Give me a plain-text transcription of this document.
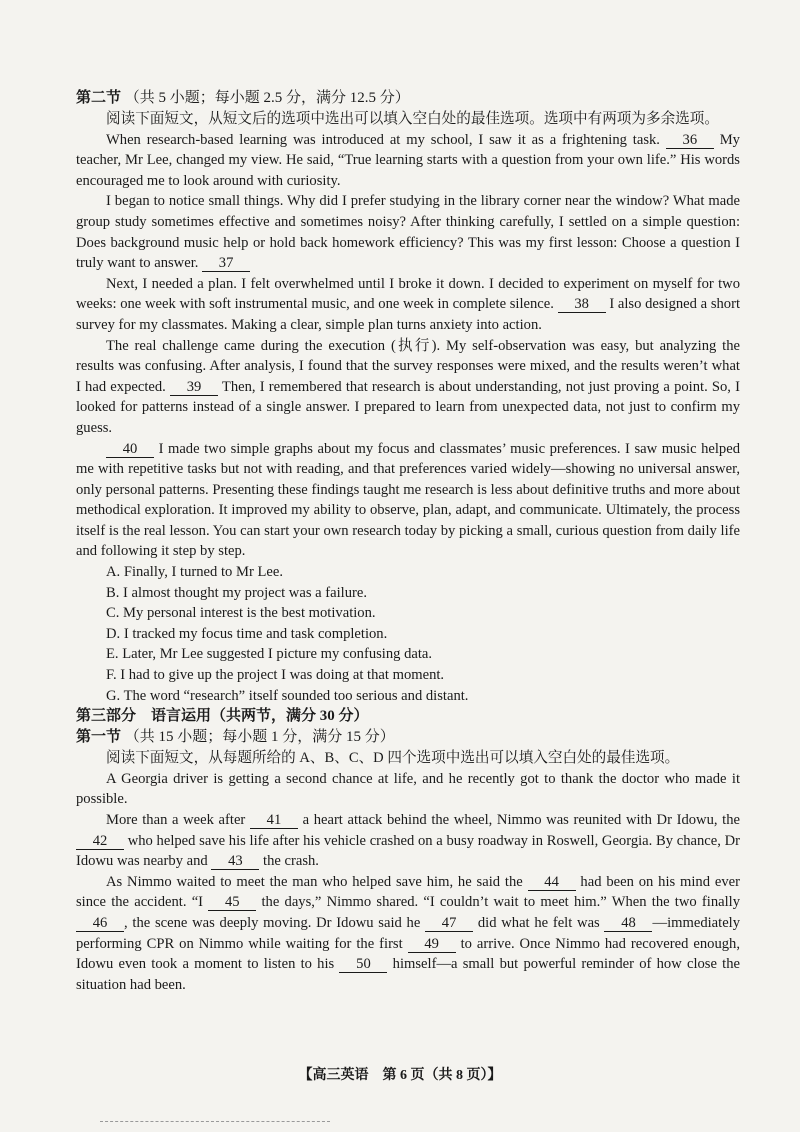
第二节 （共 5 小题；每小题 2.5 分，满分 12.5 分）

阅读下面短文，从短文后的选项中选出可以填入空白处的最佳选项。选项中有两项为多余选项。

When research-based learning was introduced at my school, I saw it as a frightening task. 36 My teacher, Mr Lee, changed my view. He said, “True learning starts with a question from your own life.” His words encouraged me to look around with curiosity.

I began to notice small things. Why did I prefer studying in the library corner near the window? What made group study sometimes effective and sometimes noisy? After thinking carefully, I settled on a simple question: Does background music help or hold back homework efficiency? This was my first lesson: Choose a question I truly want to answer. 37

Next, I needed a plan. I felt overwhelmed until I broke it down. I decided to experiment on myself for two weeks: one week with soft instrumental music, and one week in complete silence. 38 I also designed a short survey for my classmates. Making a clear, simple plan turns anxiety into action.

The real challenge came during the execution (执行). My self-observation was easy, but analyzing the results was confusing. After analysis, I found that the survey responses were mixed, and the results weren’t what I had expected. 39 Then, I remembered that research is about understanding, not just proving a point. So, I looked for patterns instead of a single answer. I prepared to learn from unexpected data, not just to confirm my guess.

40 I made two simple graphs about my focus and classmates’ music preferences. I saw music helped me with repetitive tasks but not with reading, and that preferences varied widely—showing no universal answer, only personal patterns. Presenting these findings taught me research is less about definitive truths and more about methodical exploration. It improved my ability to observe, plan, adapt, and communicate. Ultimately, the process itself is the real lesson. You can start your own research today by picking a small, curious question from daily life and following it step by step.

A. Finally, I turned to Mr Lee.

B. I almost thought my project was a failure.

C. My personal interest is the best motivation.

D. I tracked my focus time and task completion.

E. Later, Mr Lee suggested I picture my confusing data.

F. I had to give up the project I was doing at that moment.

G. The word “research” itself sounded too serious and distant.

第三部分　语言运用（共两节，满分 30 分）

第一节 （共 15 小题；每小题 1 分，满分 15 分）

阅读下面短文，从每题所给的 A、B、C、D 四个选项中选出可以填入空白处的最佳选项。

A Georgia driver is getting a second chance at life, and he recently got to thank the doctor who made it possible.

More than a week after 41 a heart attack behind the wheel, Nimmo was reunited with Dr Idowu, the 42 who helped save his life after his vehicle crashed on a busy roadway in Roswell, Georgia. By chance, Dr Idowu was nearby and 43 the crash.

As Nimmo waited to meet the man who helped save him, he said the 44 had been on his mind ever since the accident. “I 45 the days,” Nimmo shared. “I couldn’t wait to meet him.” When the two finally 46 , the scene was deeply moving. Dr Idowu said he 47 did what he felt was 48 —immediately performing CPR on Nimmo while waiting for the first 49 to arrive. Once Nimmo had recovered enough, Idowu even took a moment to listen to his 50 himself—a small but powerful reminder of how close the situation had been.

【高三英语　第 6 页（共 8 页）】
